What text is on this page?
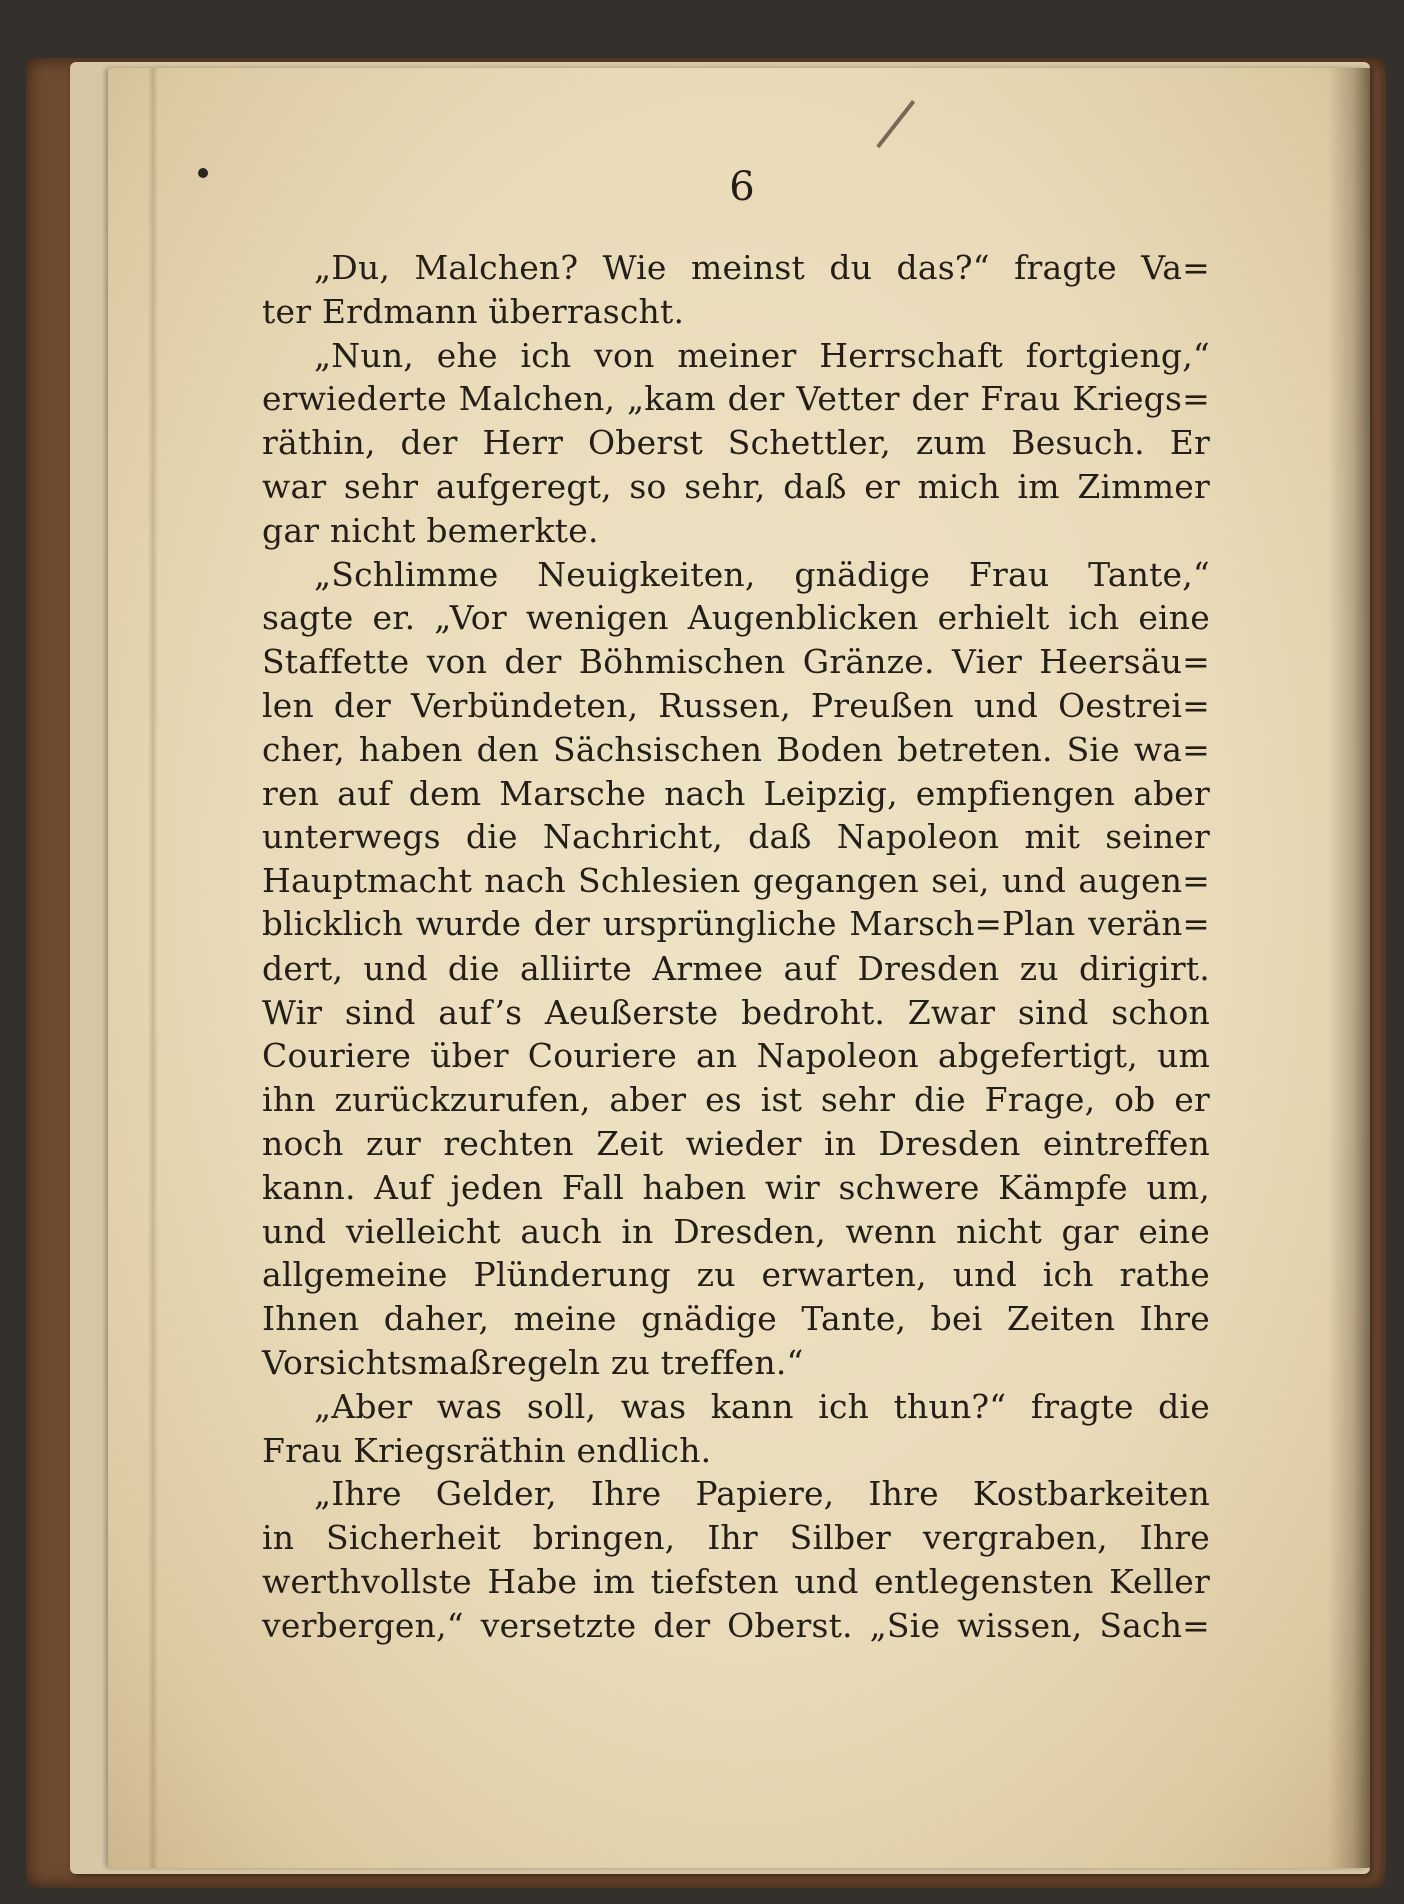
6
„Du, Malchen? Wie meinst du das?“ fragte Va=
ter Erdmann überrascht.
„Nun, ehe ich von meiner Herrschaft fortgieng,“
erwiederte Malchen, „kam der Vetter der Frau Kriegs=
räthin, der Herr Oberst Schettler, zum Besuch. Er
war sehr aufgeregt, so sehr, daß er mich im Zimmer
gar nicht bemerkte.
„Schlimme Neuigkeiten, gnädige Frau Tante,“
sagte er. „Vor wenigen Augenblicken erhielt ich eine
Staffette von der Böhmischen Gränze. Vier Heersäu=
len der Verbündeten, Russen, Preußen und Oestrei=
cher, haben den Sächsischen Boden betreten. Sie wa=
ren auf dem Marsche nach Leipzig, empfiengen aber
unterwegs die Nachricht, daß Napoleon mit seiner
Hauptmacht nach Schlesien gegangen sei, und augen=
blicklich wurde der ursprüngliche Marsch=Plan verän=
dert, und die alliirte Armee auf Dresden zu dirigirt.
Wir sind auf’s Aeußerste bedroht. Zwar sind schon
Couriere über Couriere an Napoleon abgefertigt, um
ihn zurückzurufen, aber es ist sehr die Frage, ob er
noch zur rechten Zeit wieder in Dresden eintreffen
kann. Auf jeden Fall haben wir schwere Kämpfe um,
und vielleicht auch in Dresden, wenn nicht gar eine
allgemeine Plünderung zu erwarten, und ich rathe
Ihnen daher, meine gnädige Tante, bei Zeiten Ihre
Vorsichtsmaßregeln zu treffen.“
„Aber was soll, was kann ich thun?“ fragte die
Frau Kriegsräthin endlich.
„Ihre Gelder, Ihre Papiere, Ihre Kostbarkeiten
in Sicherheit bringen, Ihr Silber vergraben, Ihre
werthvollste Habe im tiefsten und entlegensten Keller
verbergen,“ versetzte der Oberst. „Sie wissen, Sach=
